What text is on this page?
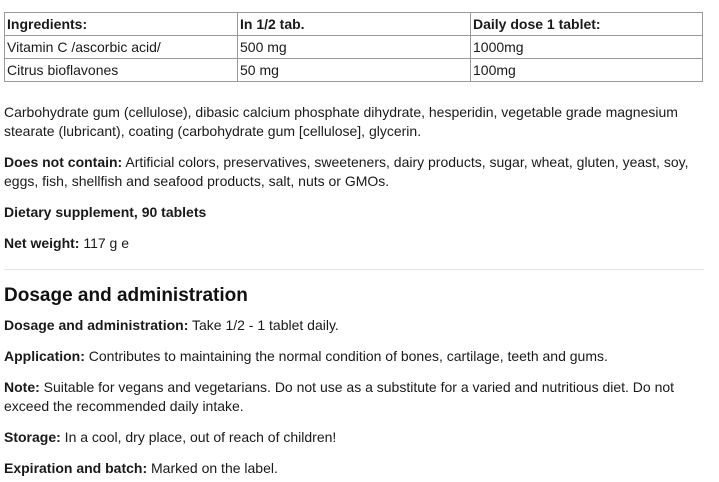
Ingredients:	In 1/2 tab.	Daily dose 1 tablet:
Vitamin C /ascorbic acid/	500 mg	1000mg
Citrus bioflavones	50 mg	100mg

Carbohydrate gum (cellulose), dibasic calcium phosphate dihydrate, hesperidin, vegetable grade magnesium stearate (lubricant), coating (carbohydrate gum [cellulose], glycerin.

Does not contain: Artificial colors, preservatives, sweeteners, dairy products, sugar, wheat, gluten, yeast, soy, eggs, fish, shellfish and seafood products, salt, nuts or GMOs.

Dietary supplement, 90 tablets

Net weight: 117 g e

Dosage and administration

Dosage and administration: Take 1/2 - 1 tablet daily.

Application: Contributes to maintaining the normal condition of bones, cartilage, teeth and gums.

Note: Suitable for vegans and vegetarians. Do not use as a substitute for a varied and nutritious diet. Do not exceed the recommended daily intake.

Storage: In a cool, dry place, out of reach of children!

Expiration and batch: Marked on the label.
